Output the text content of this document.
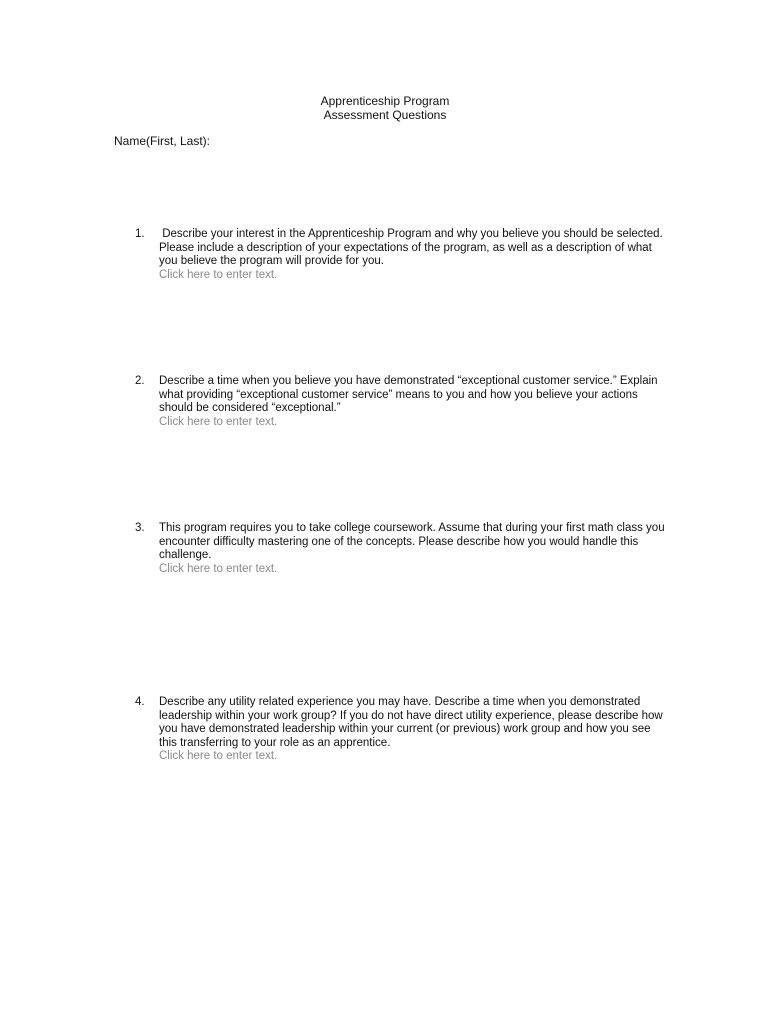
Apprenticeship Program
Assessment Questions
Name(First, Last):
1. Describe your interest in the Apprenticeship Program and why you believe you should be selected. Please include a description of your expectations of the program, as well as a description of what you believe the program will provide for you.
Click here to enter text.
2. Describe a time when you believe you have demonstrated “exceptional customer service.” Explain what providing “exceptional customer service” means to you and how you believe your actions should be considered “exceptional.”
Click here to enter text.
3. This program requires you to take college coursework. Assume that during your first math class you encounter difficulty mastering one of the concepts. Please describe how you would handle this challenge.
Click here to enter text.
4. Describe any utility related experience you may have. Describe a time when you demonstrated leadership within your work group? If you do not have direct utility experience, please describe how you have demonstrated leadership within your current (or previous) work group and how you see this transferring to your role as an apprentice.
Click here to enter text.
